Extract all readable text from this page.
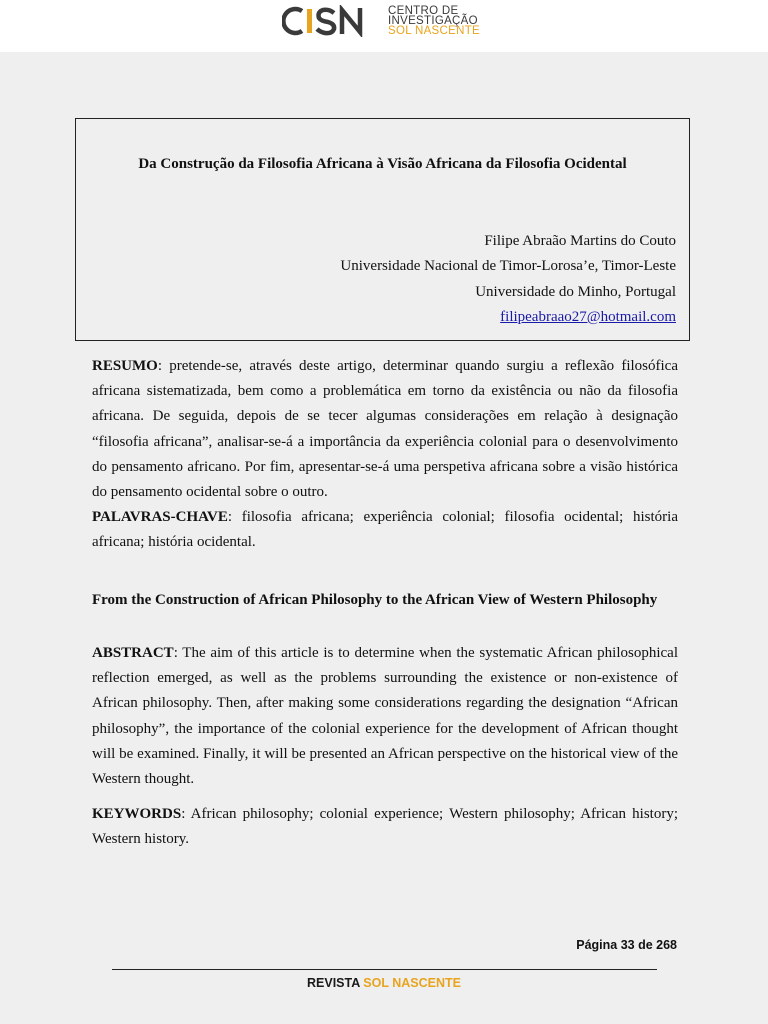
CENTRO DE
INVESTIGAÇÃO
SOL NASCENTE
Da Construção da Filosofia Africana à Visão Africana da Filosofia Ocidental
Filipe Abraão Martins do Couto
Universidade Nacional de Timor-Lorosa’e, Timor-Leste
Universidade do Minho, Portugal
filipeabraao27@hotmail.com
RESUMO: pretende-se, através deste artigo, determinar quando surgiu a reflexão filosófica africana sistematizada, bem como a problemática em torno da existência ou não da filosofia africana. De seguida, depois de se tecer algumas considerações em relação à designação “filosofia africana”, analisar-se-á a importância da experiência colonial para o desenvolvimento do pensamento africano. Por fim, apresentar-se-á uma perspetiva africana sobre a visão histórica do pensamento ocidental sobre o outro.
PALAVRAS-CHAVE: filosofia africana; experiência colonial; filosofia ocidental; história africana; história ocidental.
From the Construction of African Philosophy to the African View of Western Philosophy
ABSTRACT: The aim of this article is to determine when the systematic African philosophical reflection emerged, as well as the problems surrounding the existence or non-existence of African philosophy. Then, after making some considerations regarding the designation “African philosophy”, the importance of the colonial experience for the development of African thought will be examined. Finally, it will be presented an African perspective on the historical view of the Western thought.
KEYWORDS: African philosophy; colonial experience; Western philosophy; African history; Western history.
Página 33 de 268
REVISTA SOL NASCENTE
